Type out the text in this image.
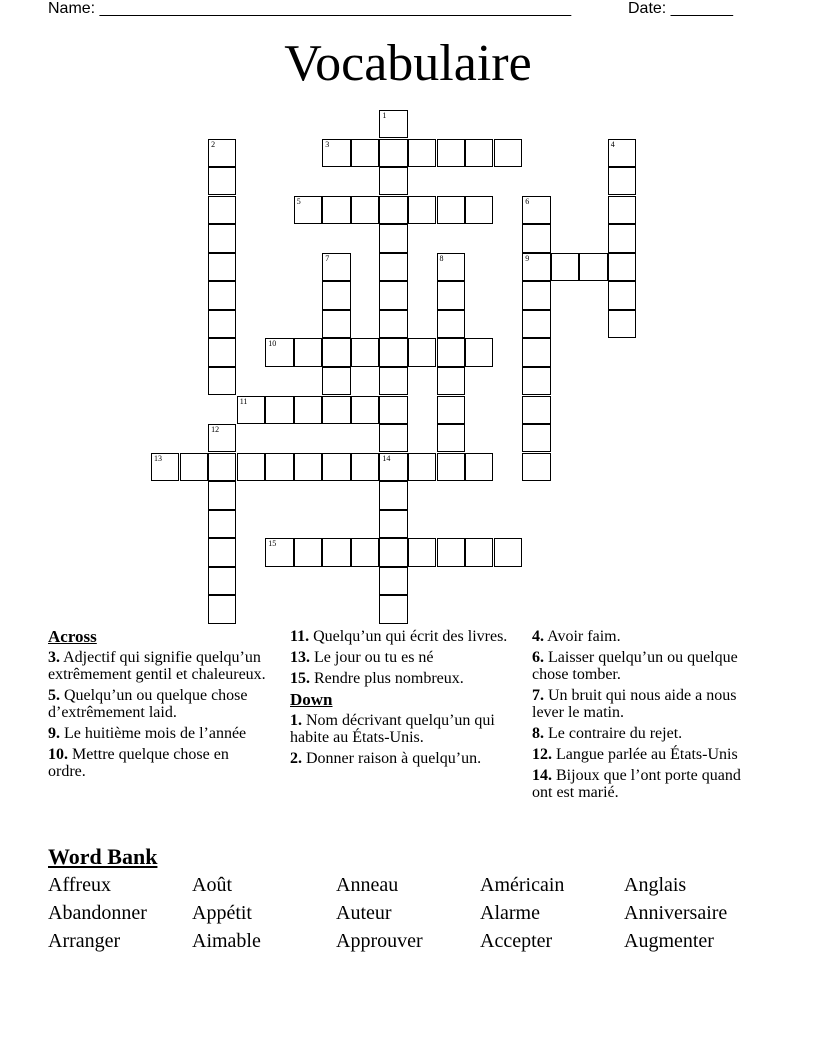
Name: _____________________________________________________	Date: _______
Vocabulaire
1
14
2	3	4
5	6
9
7	8
10
11
12
13
15
Across
3. Adjectif qui signifie quelqu’un extrêmement gentil et chaleureux.
5. Quelqu’un ou quelque chose d’extrêmement laid.
9. Le huitième mois de l’année
10. Mettre quelque chose en ordre.
11. Quelqu’un qui écrit des livres.
13. Le jour ou tu es né
15. Rendre plus nombreux.
Down
1. Nom décrivant quelqu’un qui habite au États-Unis.
2. Donner raison à quelqu’un.
4. Avoir faim.
6. Laisser quelqu’un ou quelque chose tomber.
7. Un bruit qui nous aide a nous lever le matin.
8. Le contraire du rejet.
12. Langue parlée au États-Unis
14. Bijoux que l’ont porte quand ont est marié.
Word Bank
Affreux	Août	Anneau	Américain	Anglais
Abandonner	Appétit	Auteur	Alarme	Anniversaire
Arranger	Aimable	Approuver	Accepter	Augmenter
